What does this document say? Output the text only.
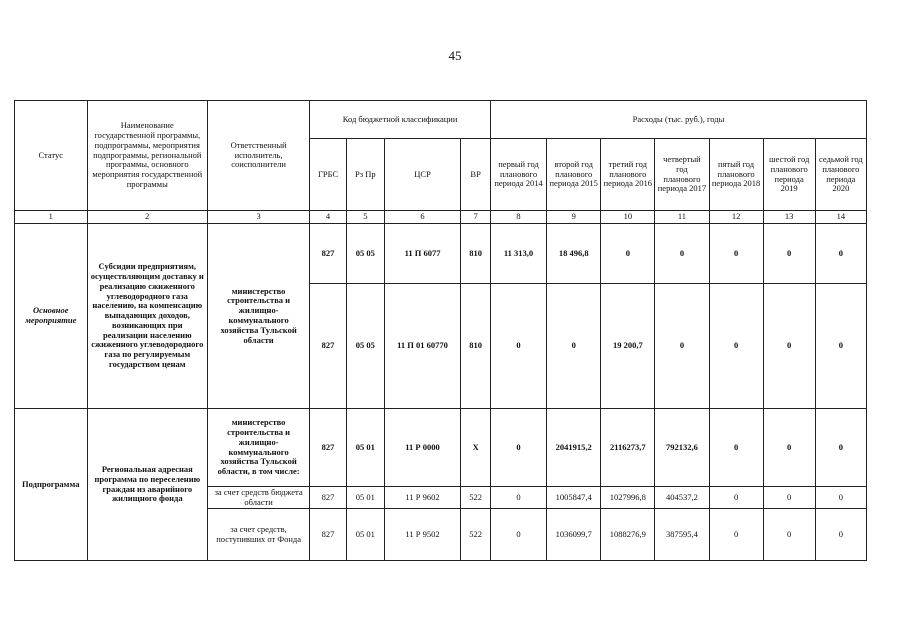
45
Статус	Наименование государственной программы, подпрограммы, мероприятия подпрограммы, региональной программы, основного мероприятия государственной программы	Ответственный исполнитель, соисполнители	Код бюджетной классификации				Расходы (тыс. руб.), годы						
			ГРБС	Рз Пр	ЦСР	ВР	первый год планового периода 2014	второй год планового периода 2015	третий год планового периода 2016	четвертый год планового периода 2017	пятый год планового периода 2018	шестой год планового периода 2019	седьмой год планового периода 2020
1	2	3	4	5	6	7	8	9	10	11	12	13	14
Основное мероприятие	Субсидии предприятиям, осуществляющим доставку и реализацию сжиженного углеводородного газа населению, на компенсацию выпадающих доходов, возникающих при реализации населению сжиженного углеводородного газа по регулируемым государством ценам	министерство строительства и жилищно-коммунального хозяйства Тульской области	827	05 05	11 П 6077	810	11 313,0	18 496,8	0	0	0	0	0
			827	05 05	11 П 01 60770	810	0	0	19 200,7	0	0	0	0
Подпрограмма	Региональная адресная программа по переселению граждан из аварийного жилищного фонда	министерство строительства и жилищно-коммунального хозяйства Тульской области, в том числе:	827	05 01	11 Р 0000	Х	0	2041915,2	2116273,7	792132,6	0	0	0
		за счет средств бюджета области	827	05 01	11 Р 9602	522	0	1005847,4	1027996,8	404537,2	0	0	0
		за счет средств, поступивших от Фонда	827	05 01	11 Р 9502	522	0	1036099,7	1088276,9	387595,4	0	0	0
